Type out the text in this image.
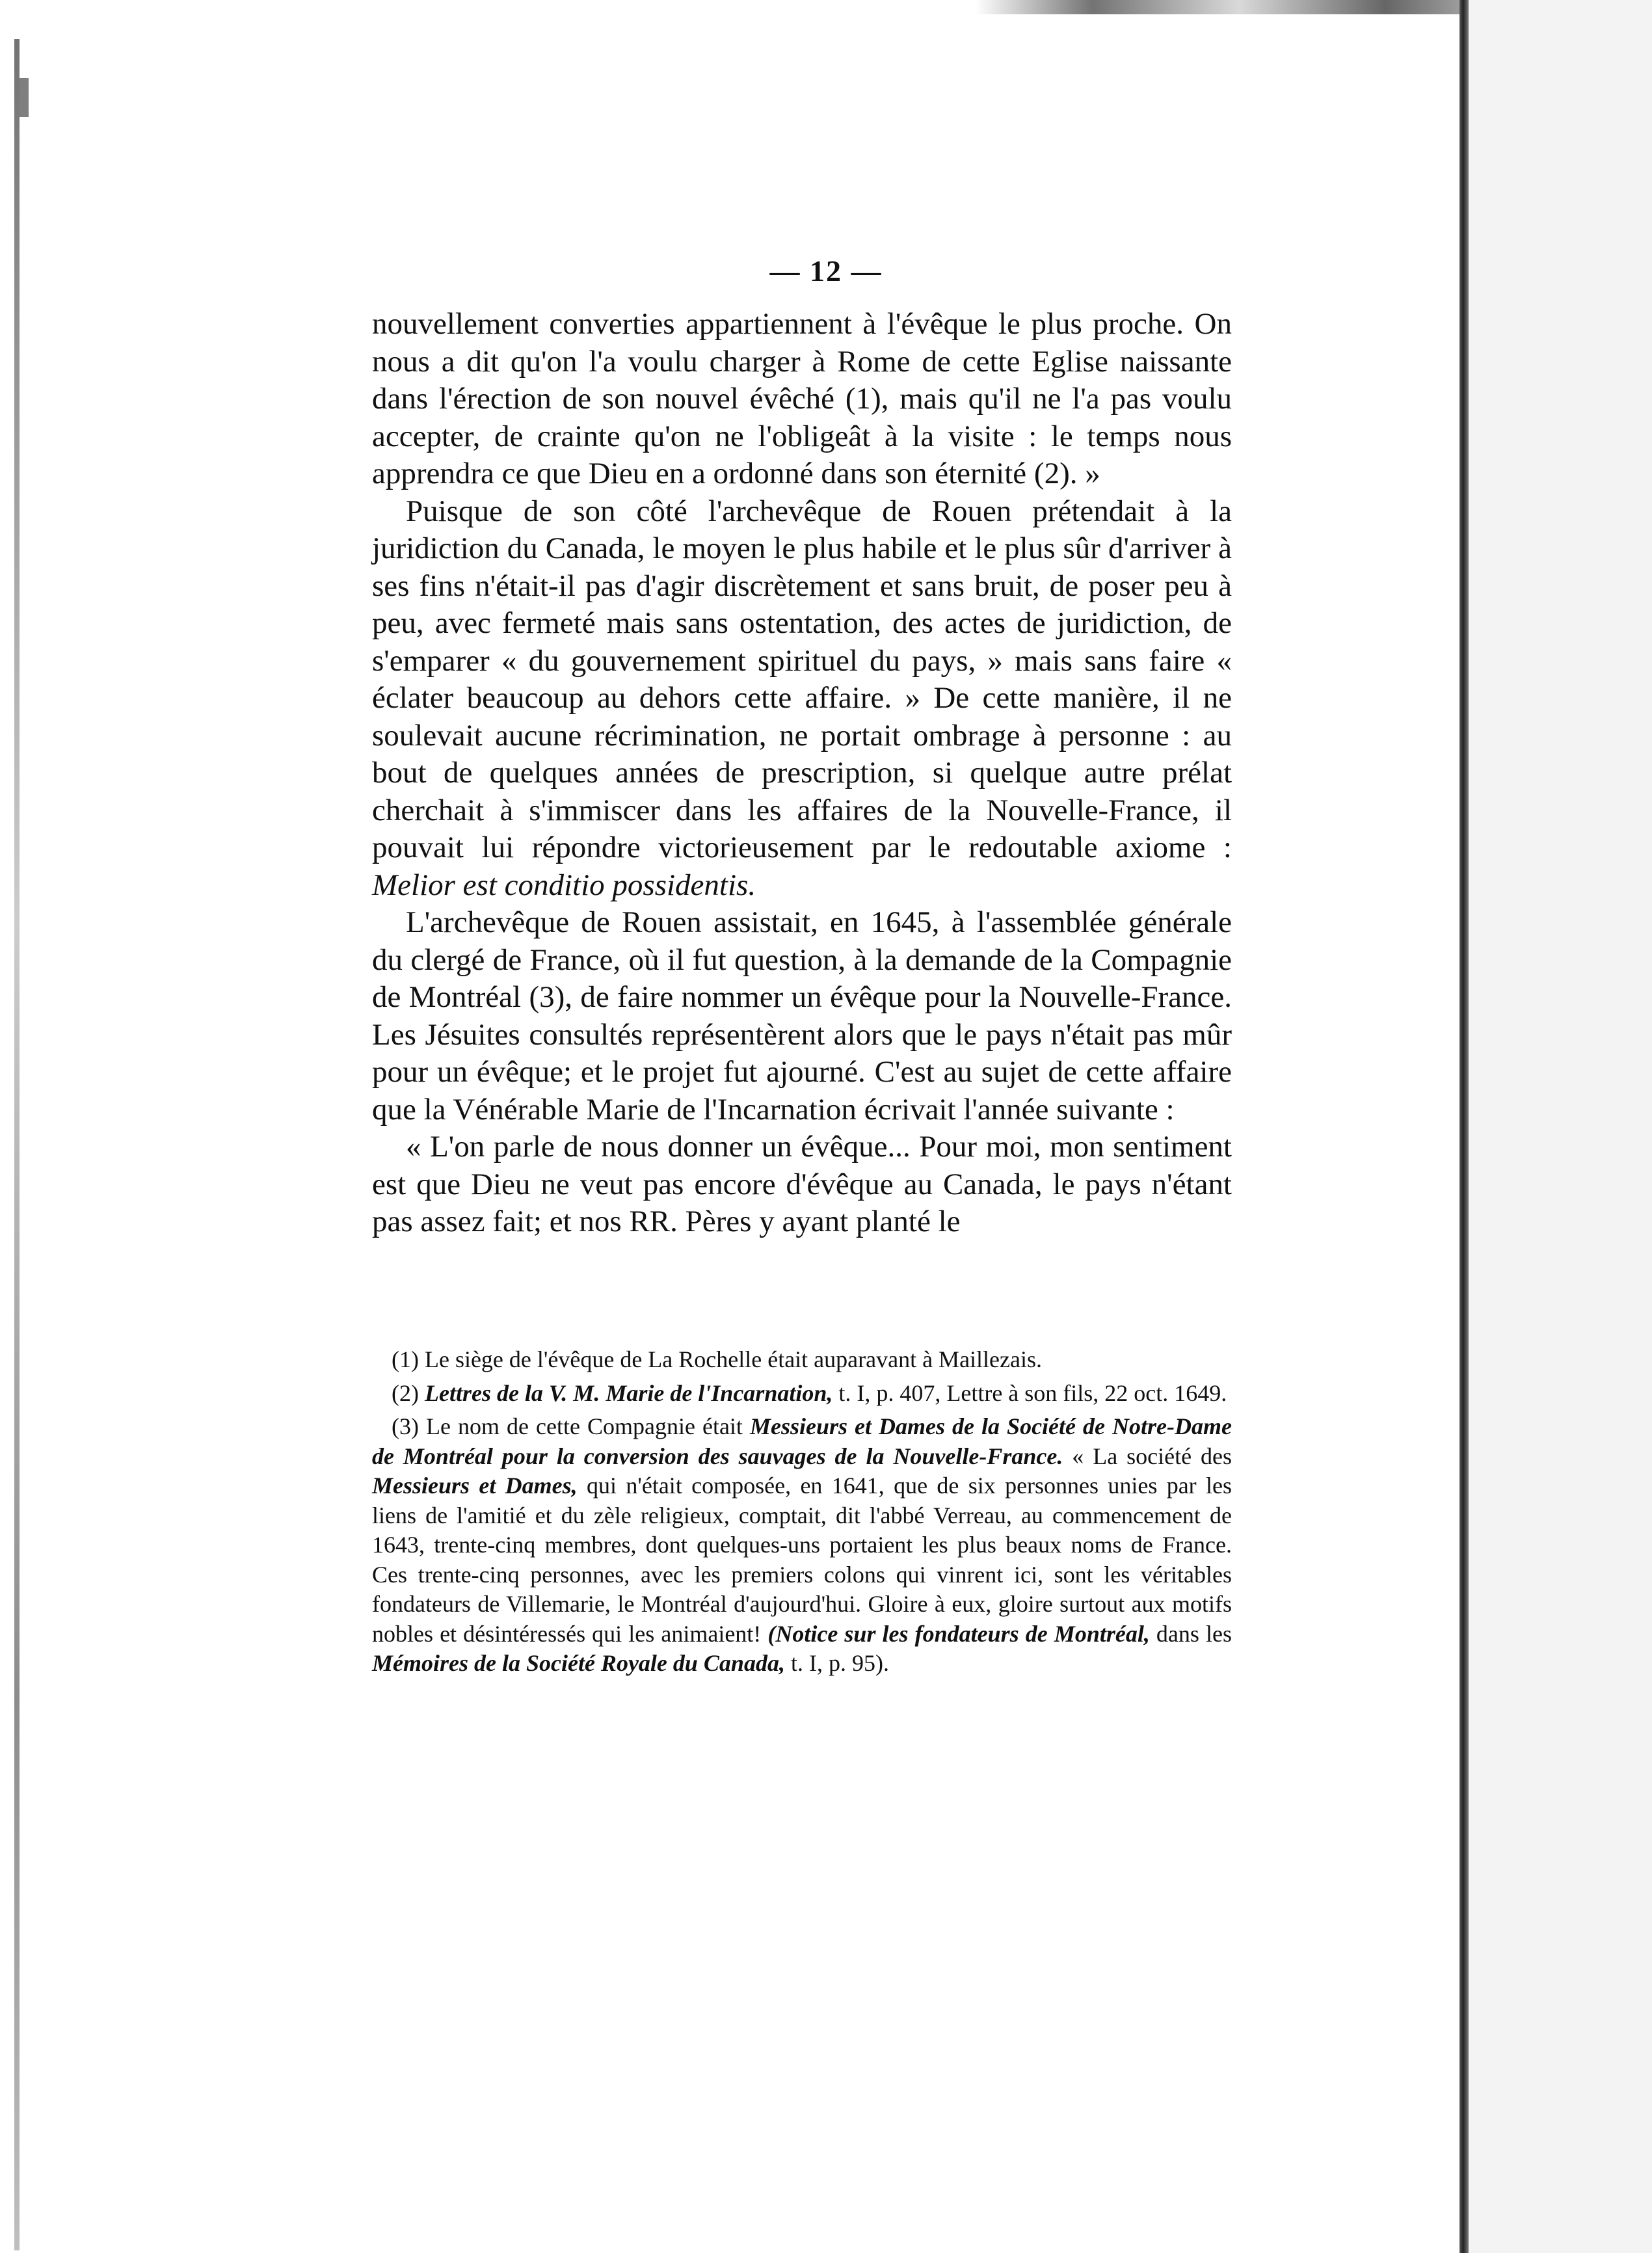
— 12 —

nouvellement converties appartiennent à l'évêque le plus proche. On nous a dit qu'on l'a voulu charger à Rome de cette Eglise naissante dans l'érection de son nouvel évêché (1), mais qu'il ne l'a pas voulu accepter, de crainte qu'on ne l'obligeât à la visite : le temps nous apprendra ce que Dieu en a ordonné dans son éternité (2). »

Puisque de son côté l'archevêque de Rouen prétendait à la juridiction du Canada, le moyen le plus habile et le plus sûr d'arriver à ses fins n'était-il pas d'agir discrètement et sans bruit, de poser peu à peu, avec fermeté mais sans ostentation, des actes de juridiction, de s'emparer « du gouvernement spirituel du pays, » mais sans faire « éclater beaucoup au dehors cette affaire. » De cette manière, il ne soulevait aucune récrimination, ne portait ombrage à personne : au bout de quelques années de prescription, si quelque autre prélat cherchait à s'immiscer dans les affaires de la Nouvelle-France, il pouvait lui répondre victorieusement par le redoutable axiome : Melior est conditio possidentis.

L'archevêque de Rouen assistait, en 1645, à l'assemblée générale du clergé de France, où il fut question, à la demande de la Compagnie de Montréal (3), de faire nommer un évêque pour la Nouvelle-France. Les Jésuites consultés représentèrent alors que le pays n'était pas mûr pour un évêque; et le projet fut ajourné. C'est au sujet de cette affaire que la Vénérable Marie de l'Incarnation écrivait l'année suivante :

« L'on parle de nous donner un évêque... Pour moi, mon sentiment est que Dieu ne veut pas encore d'évêque au Canada, le pays n'étant pas assez fait; et nos RR. Pères y ayant planté le

(1) Le siège de l'évêque de La Rochelle était auparavant à Maillezais.

(2) Lettres de la V. M. Marie de l'Incarnation, t. I, p. 407, Lettre à son fils, 22 oct. 1649.

(3) Le nom de cette Compagnie était Messieurs et Dames de la Société de Notre-Dame de Montréal pour la conversion des sauvages de la Nouvelle-France. « La société des Messieurs et Dames, qui n'était composée, en 1641, que de six personnes unies par les liens de l'amitié et du zèle religieux, comptait, dit l'abbé Verreau, au commencement de 1643, trente-cinq membres, dont quelques-uns portaient les plus beaux noms de France. Ces trente-cinq personnes, avec les premiers colons qui vinrent ici, sont les véritables fondateurs de Villemarie, le Montréal d'aujourd'hui. Gloire à eux, gloire surtout aux motifs nobles et désintéressés qui les animaient! (Notice sur les fondateurs de Montréal, dans les Mémoires de la Société Royale du Canada, t. I, p. 95).
